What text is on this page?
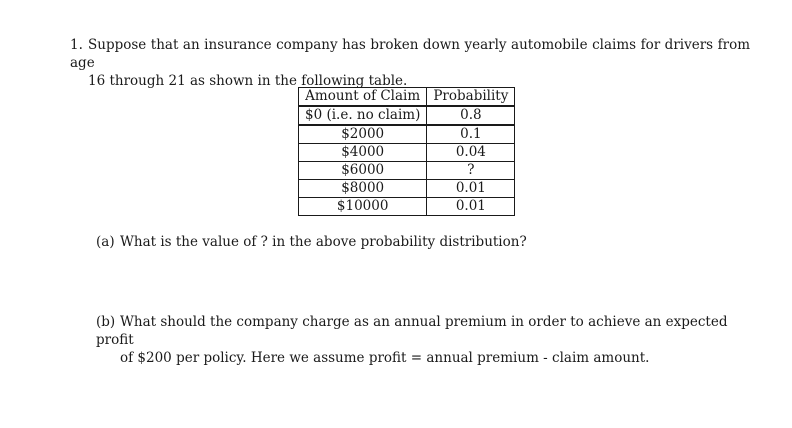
1. Suppose that an insurance company has broken down yearly automobile claims for drivers from age
16 through 21 as shown in the following table.
Amount of Claim	Probability
$0 (i.e. no claim)	0.8
$2000	0.1
$4000	0.04
$6000	?
$8000	0.01
$10000	0.01
(a) What is the value of ? in the above probability distribution?
(b) What should the company charge as an annual premium in order to achieve an expected profit
of $200 per policy. Here we assume profit = annual premium - claim amount.
